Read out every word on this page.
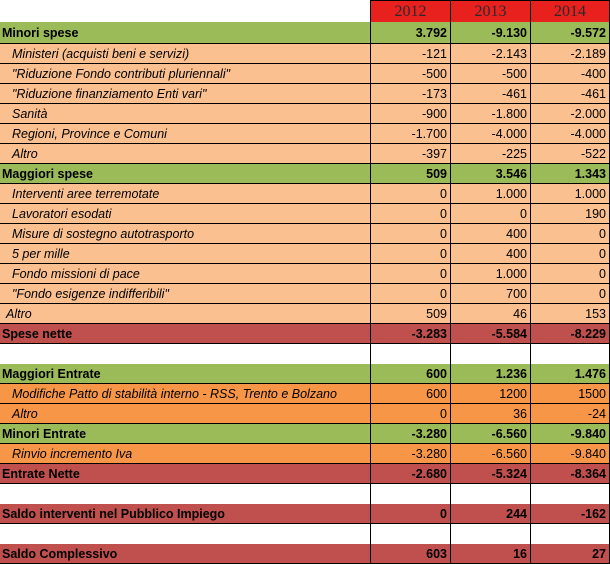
2012	2013	2014
Minori spese	3.792	-9.130	-9.572
Ministeri (acquisti beni e servizi)	-121	-2.143	-2.189
"Riduzione Fondo contributi pluriennali"	-500	-500	-400
"Riduzione finanziamento Enti vari"	-173	-461	-461
Sanità	-900	-1.800	-2.000
Regioni, Province e Comuni	-1.700	-4.000	-4.000
Altro	-397	-225	-522
Maggiori spese	509	3.546	1.343
Interventi aree terremotate	0	1.000	1.000
Lavoratori esodati	0	0	190
Misure di sostegno autotrasporto	0	400	0
5 per mille	0	400	0
Fondo missioni di pace	0	1.000	0
"Fondo esigenze indifferibili"	0	700	0
Altro	509	46	153
Spese nette	-3.283	-5.584	-8.229
Maggiori Entrate	600	1.236	1.476
Modifiche Patto di stabilità interno - RSS, Trento e Bolzano	600	1200	1500
Altro	0	36	-24
Minori Entrate	-3.280	-6.560	-9.840
Rinvio incremento Iva	-3.280	-6.560	-9.840
Entrate Nette	-2.680	-5.324	-8.364
Saldo interventi nel Pubblico Impiego	0	244	-162
Saldo Complessivo	603	16	27
